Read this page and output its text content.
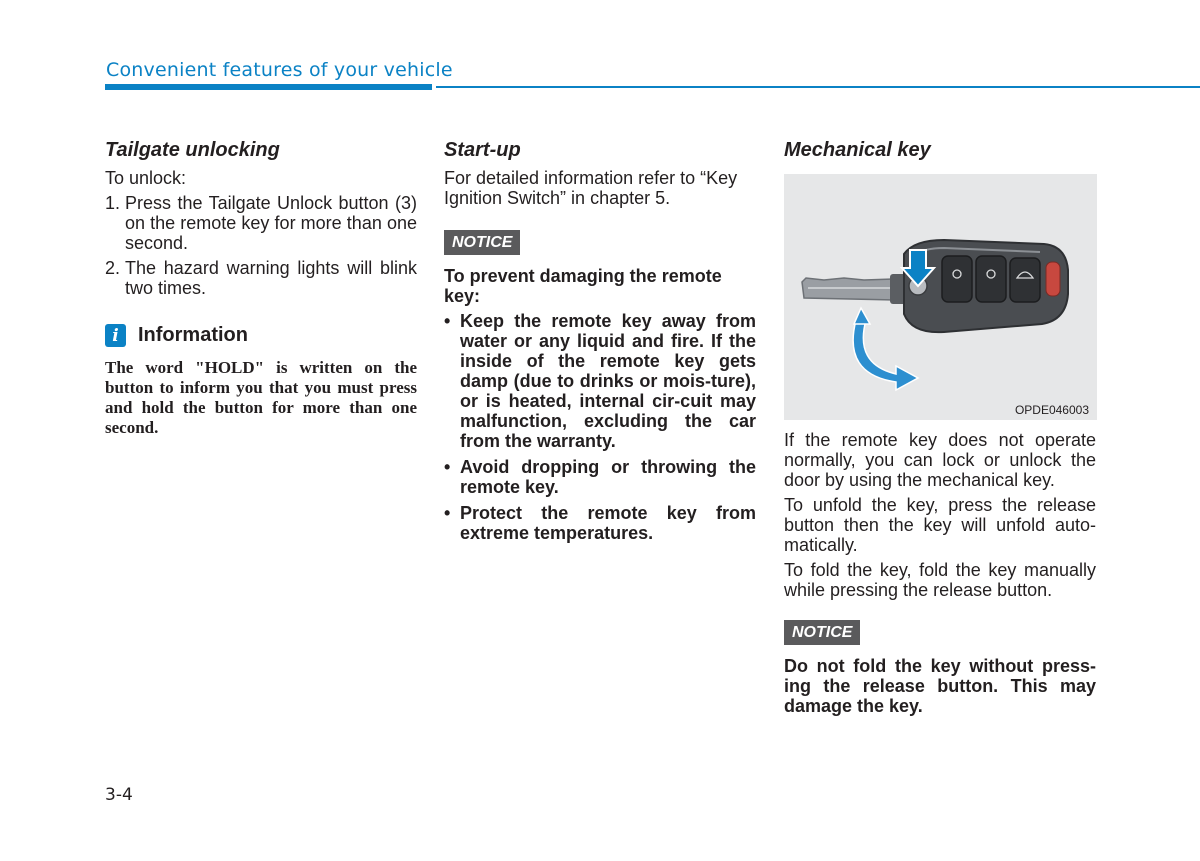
Convenient features of your vehicle
Tailgate unlocking

To unlock:

1. Press the Tailgate Unlock button (3) on the remote key for more than one second.
2. The hazard warning lights will blink two times.
i Information
The word "HOLD" is written on the button to inform you that you must press and hold the button for more than one second.
Start-up

For detailed information refer to “Key Ignition Switch” in chapter 5.

NOTICE

To prevent damaging the remote key:

• Keep the remote key away from water or any liquid and fire. If the inside of the remote key gets damp (due to drinks or mois-ture), or is heated, internal cir-cuit may malfunction, excluding the car from the warranty.
• Avoid dropping or throwing the remote key.
• Protect the remote key from extreme temperatures.
Mechanical key
OPDE046003

If the remote key does not operate normally, you can lock or unlock the door by using the mechanical key.

To unfold the key, press the release button then the key will unfold auto-matically.

To fold the key, fold the key manually while pressing the release button.

NOTICE

Do not fold the key without press-ing the release button. This may damage the key.

3-4
